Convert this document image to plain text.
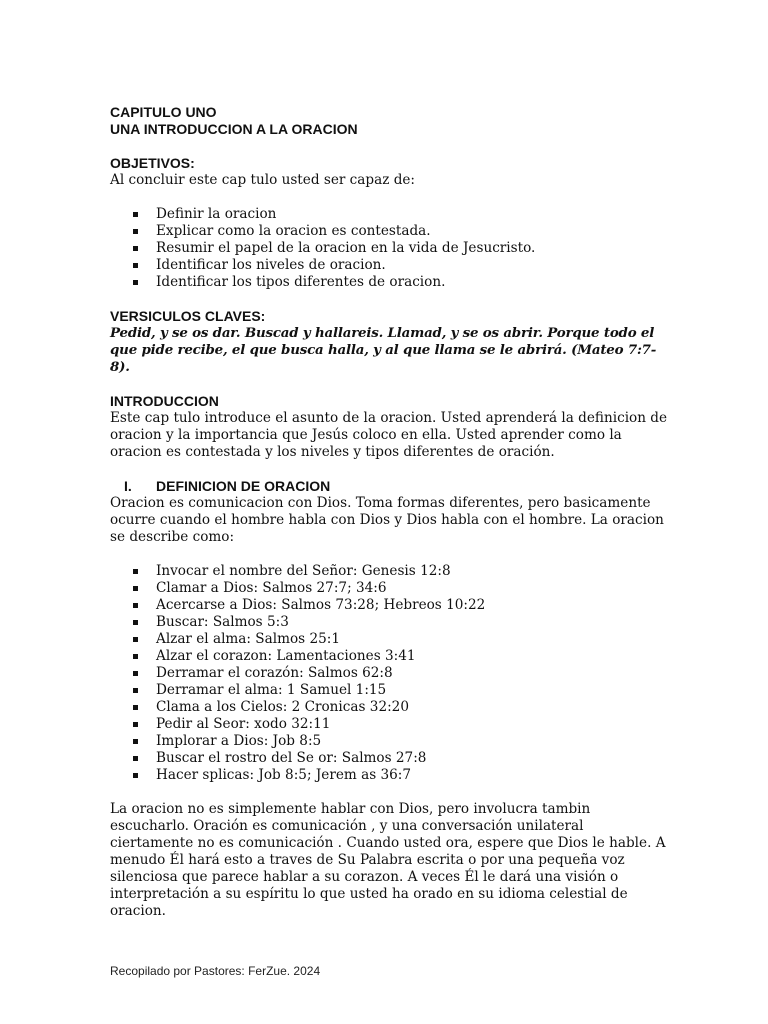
CAPITULO UNO

UNA INTRODUCCION A LA ORACION

OBJETIVOS:

Al concluir este cap tulo usted ser capaz de:

Definir la oracion
Explicar como la oracion es contestada.
Resumir el papel de la oracion en la vida de Jesucristo.
Identificar los niveles de oracion.
Identificar los tipos diferentes de oracion.

VERSICULOS CLAVES:

Pedid, y se os dar. Buscad y hallareis. Llamad, y se os abrir. Porque todo el que pide recibe, el que busca halla, y al que llama se le abrirá. (Mateo 7:7-8).

INTRODUCCION

Este cap tulo introduce el asunto de la oracion. Usted aprenderá la definicion de oracion y la importancia que Jesús coloco en ella. Usted aprender como la oracion es contestada y los niveles y tipos diferentes de oración.

I. DEFINICION DE ORACION

Oracion es comunicacion con Dios. Toma formas diferentes, pero basicamente ocurre cuando el hombre habla con Dios y Dios habla con el hombre. La oracion se describe como:

Invocar el nombre del Señor: Genesis 12:8
Clamar a Dios: Salmos 27:7; 34:6
Acercarse a Dios: Salmos 73:28; Hebreos 10:22
Buscar: Salmos 5:3
Alzar el alma: Salmos 25:1
Alzar el corazon: Lamentaciones 3:41
Derramar el corazón: Salmos 62:8
Derramar el alma: 1 Samuel 1:15
Clama a los Cielos: 2 Cronicas 32:20
Pedir al Seor: xodo 32:11
Implorar a Dios: Job 8:5
Buscar el rostro del Se or: Salmos 27:8
Hacer splicas: Job 8:5; Jerem as 36:7

La oracion no es simplemente hablar con Dios, pero involucra tambin escucharlo. Oración es comunicación , y una conversación unilateral ciertamente no es comunicación . Cuando usted ora, espere que Dios le hable. A menudo Él hará esto a traves de Su Palabra escrita o por una pequeña voz silenciosa que parece hablar a su corazon. A veces Él le dará una visión o interpretación a su espíritu lo que usted ha orado en su idioma celestial de oracion.

Recopilado por Pastores: FerZue. 2024
